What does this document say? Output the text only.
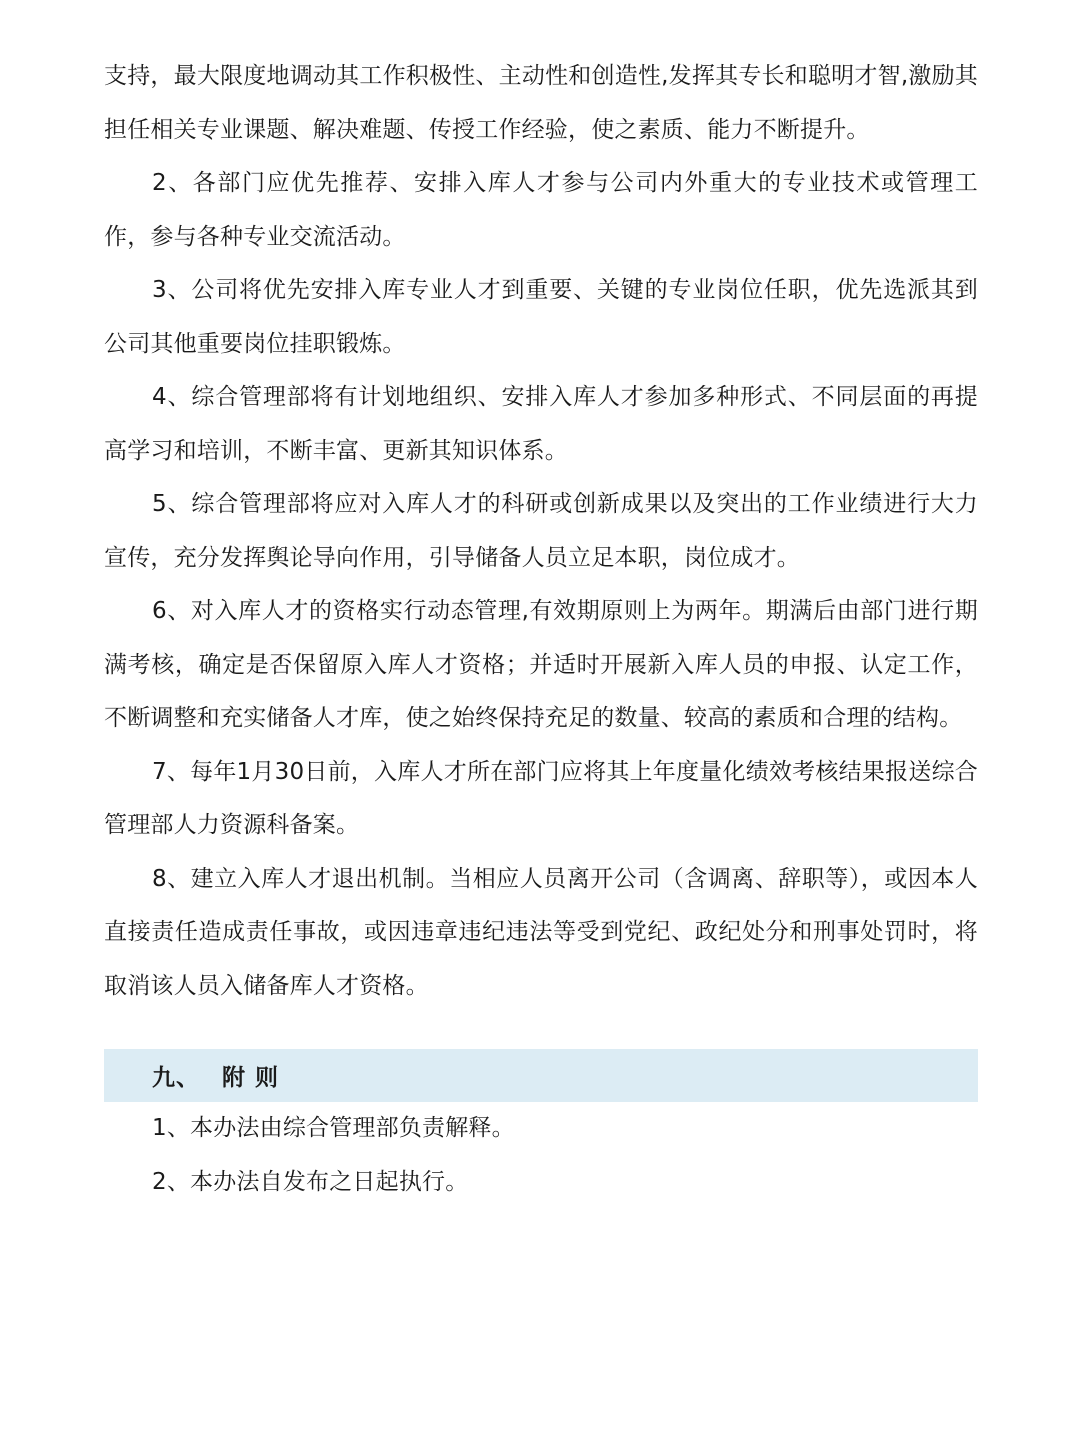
支持，最大限度地调动其工作积极性、主动性和创造性,发挥其专长和聪明才智,激励其担任相关专业课题、解决难题、传授工作经验，使之素质、能力不断提升。

2、各部门应优先推荐、安排入库人才参与公司内外重大的专业技术或管理工作，参与各种专业交流活动。

3、公司将优先安排入库专业人才到重要、关键的专业岗位任职，优先选派其到公司其他重要岗位挂职锻炼。

4、综合管理部将有计划地组织、安排入库人才参加多种形式、不同层面的再提高学习和培训，不断丰富、更新其知识体系。

5、综合管理部将应对入库人才的科研或创新成果以及突出的工作业绩进行大力宣传，充分发挥舆论导向作用，引导储备人员立足本职，岗位成才。

6、对入库人才的资格实行动态管理,有效期原则上为两年。期满后由部门进行期满考核，确定是否保留原入库人才资格；并适时开展新入库人员的申报、认定工作，不断调整和充实储备人才库，使之始终保持充足的数量、较高的素质和合理的结构。

7、每年1月30日前，入库人才所在部门应将其上年度量化绩效考核结果报送综合管理部人力资源科备案。

8、建立入库人才退出机制。当相应人员离开公司（含调离、辞职等），或因本人直接责任造成责任事故，或因违章违纪违法等受到党纪、政纪处分和刑事处罚时，将取消该人员入储备库人才资格。

九、 附 则

1、本办法由综合管理部负责解释。

2、本办法自发布之日起执行。
